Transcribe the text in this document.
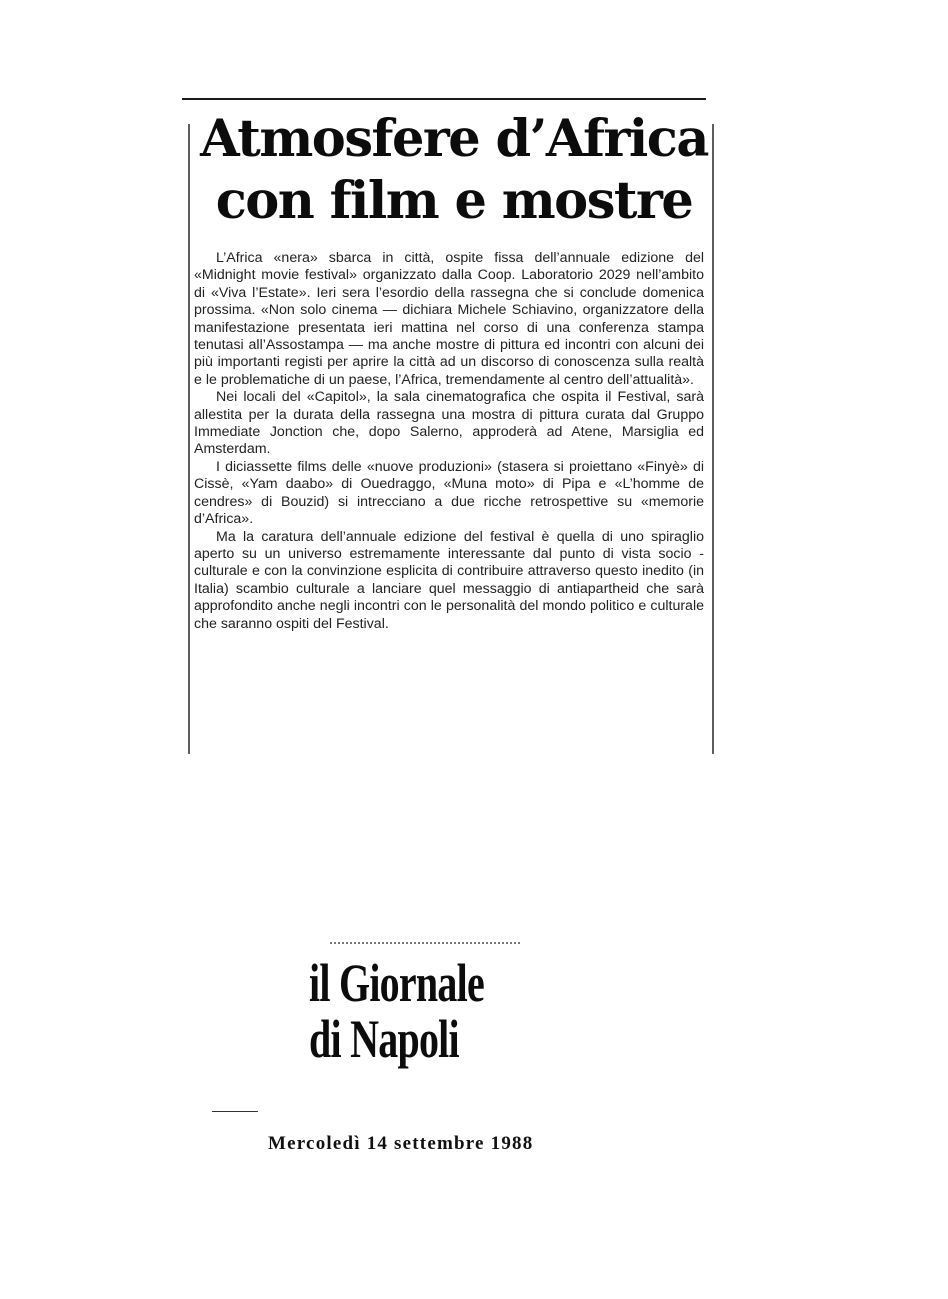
Atmosfere d’Africa
con film e mostre

L’Africa «nera» sbarca in città, ospite fissa dell’annuale edizione del «Midnight movie festival» organizzato dalla Coop. Laboratorio 2029 nell’ambito di «Viva l’Estate». Ieri sera l’esordio della rassegna che si conclude domenica prossima. «Non solo cinema — dichiara Michele Schiavino, organizzatore della manifestazione presentata ieri mattina nel corso di una conferenza stampa tenutasi all’Assostampa — ma anche mostre di pittura ed incontri con alcuni dei più importanti registi per aprire la città ad un discorso di conoscenza sulla realtà e le problematiche di un paese, l’Africa, tremendamente al centro dell’attualità».

Nei locali del «Capitol», la sala cinematografica che ospita il Festival, sarà allestita per la durata della rassegna una mostra di pittura curata dal Gruppo Immediate Jonction che, dopo Salerno, approderà ad Atene, Marsiglia ed Amsterdam.

I diciassette films delle «nuove produzioni» (stasera si proiettano «Finyè» di Cissè, «Yam daabo» di Ouedraggo, «Muna moto» di Pipa e «L’homme de cendres» di Bouzid) si intrecciano a due ricche retrospettive su «memorie d’Africa».

Ma la caratura dell’annuale edizione del festival è quella di uno spiraglio aperto su un universo estremamente interessante dal punto di vista socio - culturale e con la convinzione esplicita di contribuire attraverso questo inedito (in Italia) scambio culturale a lanciare quel messaggio di antiapartheid che sarà approfondito anche negli incontri con le personalità del mondo politico e culturale che saranno ospiti del Festival.

il Giornale
di Napoli
Mercoledì 14 settembre 1988
